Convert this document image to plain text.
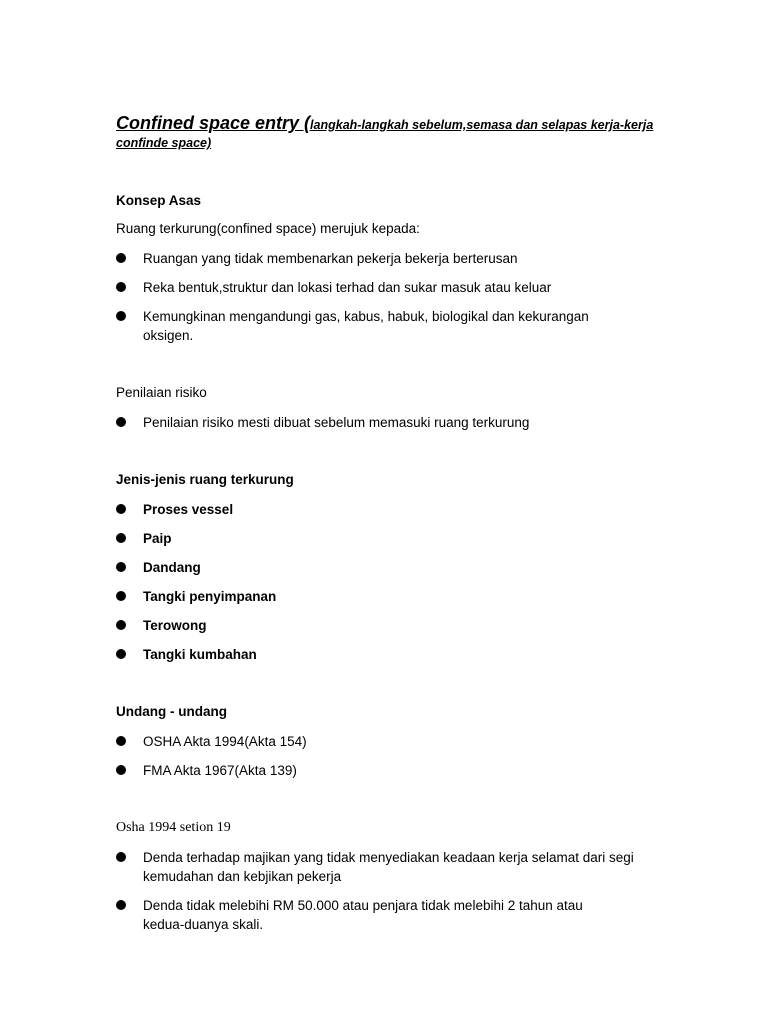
Confined space entry (langkah-langkah sebelum,semasa dan selapas kerja-kerja confinde space)
Konsep Asas
Ruang terkurung(confined space) merujuk kepada:
Ruangan yang tidak membenarkan pekerja bekerja berterusan
Reka bentuk,struktur dan lokasi terhad dan sukar masuk atau keluar
Kemungkinan mengandungi gas, kabus, habuk, biologikal dan kekurangan oksigen.
Penilaian risiko
Penilaian risiko mesti dibuat sebelum memasuki ruang terkurung
Jenis-jenis ruang terkurung
Proses vessel
Paip
Dandang
Tangki penyimpanan
Terowong
Tangki kumbahan
Undang - undang
OSHA Akta 1994(Akta 154)
FMA Akta 1967(Akta 139)
Osha 1994 setion 19
Denda terhadap majikan yang tidak menyediakan keadaan kerja selamat dari segi kemudahan dan kebjikan pekerja
Denda tidak melebihi RM 50.000 atau penjara tidak melebihi 2 tahun atau kedua-duanya skali.
